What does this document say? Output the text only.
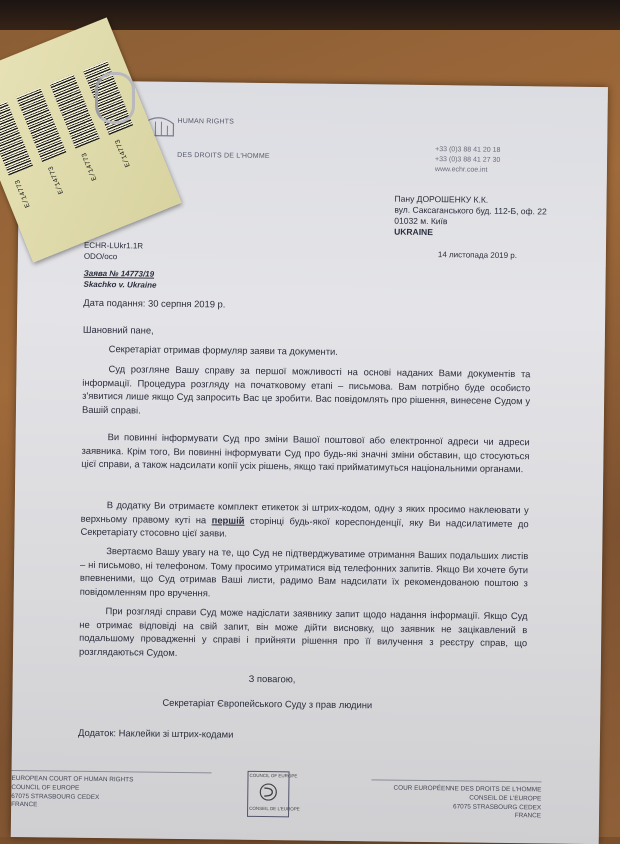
HUMAN RIGHTS
DES DROITS DE L'HOMME
+33 (0)3 88 41 20 18
+33 (0)3 88 41 27 30
www.echr.coe.int
Пану ДОРОШЕНКУ К.К.
вул. Саксаганського буд. 112-Б, оф. 22
01032 м. Київ
UKRAINE
ECHR-LUkr1.1R
ODO/oco	14 листопада 2019 р.
Заява № 14773/19
Skachko v. Ukraine
Дата подання: 30 серпня 2019 р.
Шановний пане,
Секретаріат отримав формуляр заяви та документи.
Суд розгляне Вашу справу за першої можливості на основі наданих Вами документів та інформації. Процедура розгляду на початковому етапі – письмова. Вам потрібно буде особисто з'явитися лише якщо Суд запросить Вас це зробити. Вас повідомлять про рішення, винесене Судом у Вашій справі.
Ви повинні інформувати Суд про зміни Вашої поштової або електронної адреси чи адреси заявника. Крім того, Ви повинні інформувати Суд про будь-які значні зміни обставин, що стосуються цієї справи, а також надсилати копії усіх рішень, якщо такі прийматимуться національними органами.
В додатку Ви отримаєте комплект етикеток зі штрих-кодом, одну з яких просимо наклеювати у верхньому правому куті на першій сторінці будь-якої кореспонденції, яку Ви надсилатимете до Секретаріату стосовно цієї заяви.
Звертаємо Вашу увагу на те, що Суд не підтверджуватиме отримання Ваших подальших листів – ні письмово, ні телефоном. Тому просимо утриматися від телефонних запитів. Якщо Ви хочете бути впевненими, що Суд отримав Ваші листи, радимо Вам надсилати їх рекомендованою поштою з повідомленням про вручення.
При розгляді справи Суд може надіслати заявнику запит щодо надання інформації. Якщо Суд не отримає відповіді на свій запит, він може дійти висновку, що заявник не зацікавлений в подальшому провадженні у справі і прийняти рішення про її вилучення з реєстру справ, що розглядаються Судом.
З повагою,
Секретаріат Європейського Суду з прав людини
Додаток: Наклейки зі штрих-кодами
EUROPEAN COURT OF HUMAN RIGHTS
COUNCIL OF EUROPE
67075 STRASBOURG CEDEX
FRANCE
COUNCIL OF EUROPE
CONSEIL DE L'EUROPE
COUR EUROPÉENNE DES DROITS DE L'HOMME
CONSEIL DE L'EUROPE
67075 STRASBOURG CEDEX
FRANCE
E/14773 E/14773 E/14773 E/14773
